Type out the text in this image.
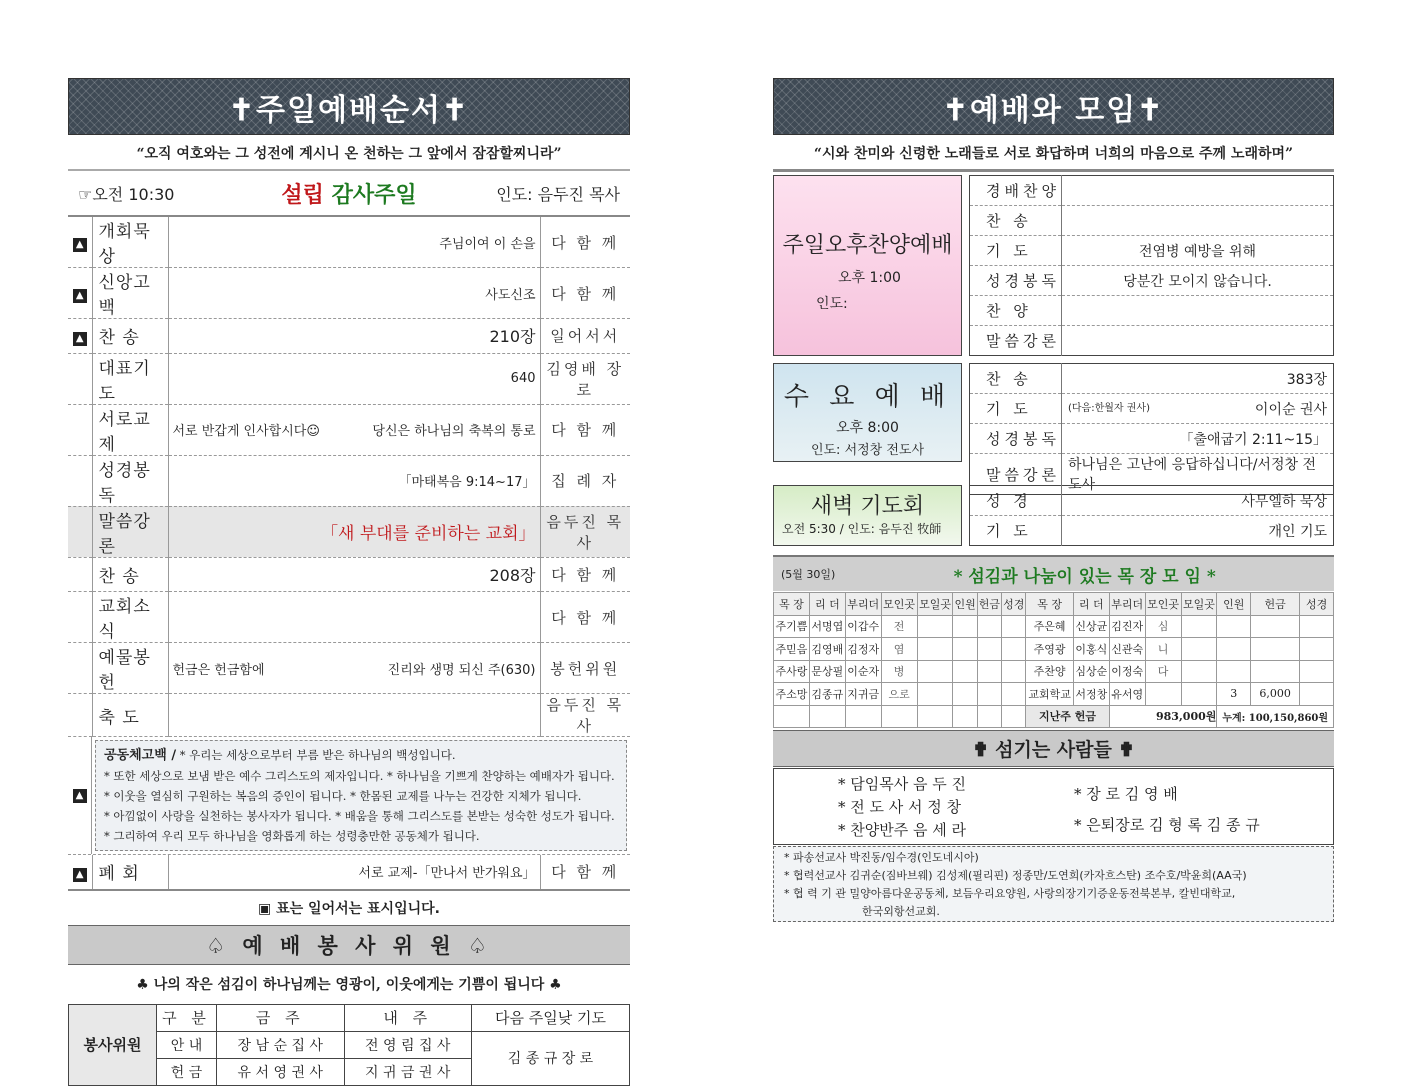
✝주일예배순서✝
“오직 여호와는 그 성전에 계시니 온 천하는 그 앞에서 잠잠할찌니라”
☞오전 10:30	설립 감사주일	인도: 음두진 목사
▲	개회묵상	주님이여 이 손을	다 함 께
▲	신앙고백	사도신조	다 함 께
▲	찬 송	210장	일어서서
	대표기도	640	김영배 장로
	서로교제	서로 반갑게 인사합시다☺ 당신은 하나님의 축복의 통로	다 함 께
	성경봉독	「마태복음 9:14~17」	집 례 자
	말씀강론	「새 부대를 준비하는 교회」	음두진 목사
	찬 송	208장	다 함 께
	교회소식		다 함 께
	예물봉헌	헌금은 헌금함에 진리와 생명 되신 주(630)	봉헌위원
	축 도		음두진 목사
▲
공동체고백 / * 우리는 세상으로부터 부름 받은 하나님의 백성입니다.
* 또한 세상으로 보냄 받은 예수 그리스도의 제자입니다. * 하나님을 기쁘게 찬양하는 예배자가 됩니다.
* 이웃을 열심히 구원하는 복음의 증인이 됩니다. * 한몸된 교제를 나누는 건강한 지체가 됩니다.
* 아낌없이 사랑을 실천하는 봉사자가 됩니다. * 배움을 통해 그리스도를 본받는 성숙한 성도가 됩니다.
* 그리하여 우리 모두 하나님을 영화롭게 하는 성령충만한 공동체가 됩니다.
▲	폐 회	서로 교제-「만나서 반가워요」	다 함 께
▣ 표는 일어서는 표시입니다.
♤ 예 배 봉 사 위 원 ♤
♣ 나의 작은 섬김이 하나님께는 영광이, 이웃에게는 기쁨이 됩니다 ♣
봉사위원	구 분	금 주	내 주	다음 주일낮 기도
	안 내	장 남 순 집 사	전 영 림 집 사	김 종 규 장 로
	헌 금	유 서 영 권 사	지 귀 금 권 사	
✝예배와 모임✝
“시와 찬미와 신령한 노래들로 서로 화답하며 너희의 마음으로 주께 노래하며”
주일오후찬양예배
오후 1:00
인도:
경배찬양	
찬 송	
기 도	전염병 예방을 위해
성경봉독	당분간 모이지 않습니다.
찬 양	
말씀강론	
수 요 예 배
오후 8:00
인도: 서정창 전도사
찬 송	383장

기 도	(다음:한월자 권사) 이이순 권사

성경봉독	「출애굽기 2:11~15」

말씀강론	하나님은 고난에 응답하십니다/서정창 전도사
새벽 기도회
오전 5:30 / 인도: 음두진 牧師
성 경	사무엘하 묵상
기 도	개인 기도
(5월 30일)	* 섬김과 나눔이 있는 목 장 모 임 *
목 장	리 더	부리더	모인곳	모일곳	인원	헌금	성경	목 장	리 더	부리더	모인곳	모일곳	인원	헌금	성경
주기쁨	서명엽	이갑수	전					주은혜	신상균	김진자	심				
주믿음	김영배	김정자	염					주영광	이홍식	신관숙	니				
주사랑	문상필	이순자	병					주찬양	심상순	이정숙	다				
주소망	김종규	지귀금	으로					교회학교	서정창	유서영			3	6,000	
								지난주 헌금		983,000원			누계: 100,150,860원		
✟ 섬기는 사람들 ✟
* 담임목사 음 두 진
* 전 도 사 서 정 창
* 찬양반주 음 세 라
* 장 로 김 영 배
* 은퇴장로 김 형 록 김 종 규
* 파송선교사 박진동/임수경(인도네시아)
* 협력선교사 김귀순(짐바브웨) 김성제(필리핀) 정종만/도연희(카자흐스탄) 조수호/박윤희(AA국)
* 협 력 기 관 밀양아름다운공동체, 보듬우리요양원, 사랑의장기기증운동전북본부, 칼빈대학교,
한국외항선교회.
